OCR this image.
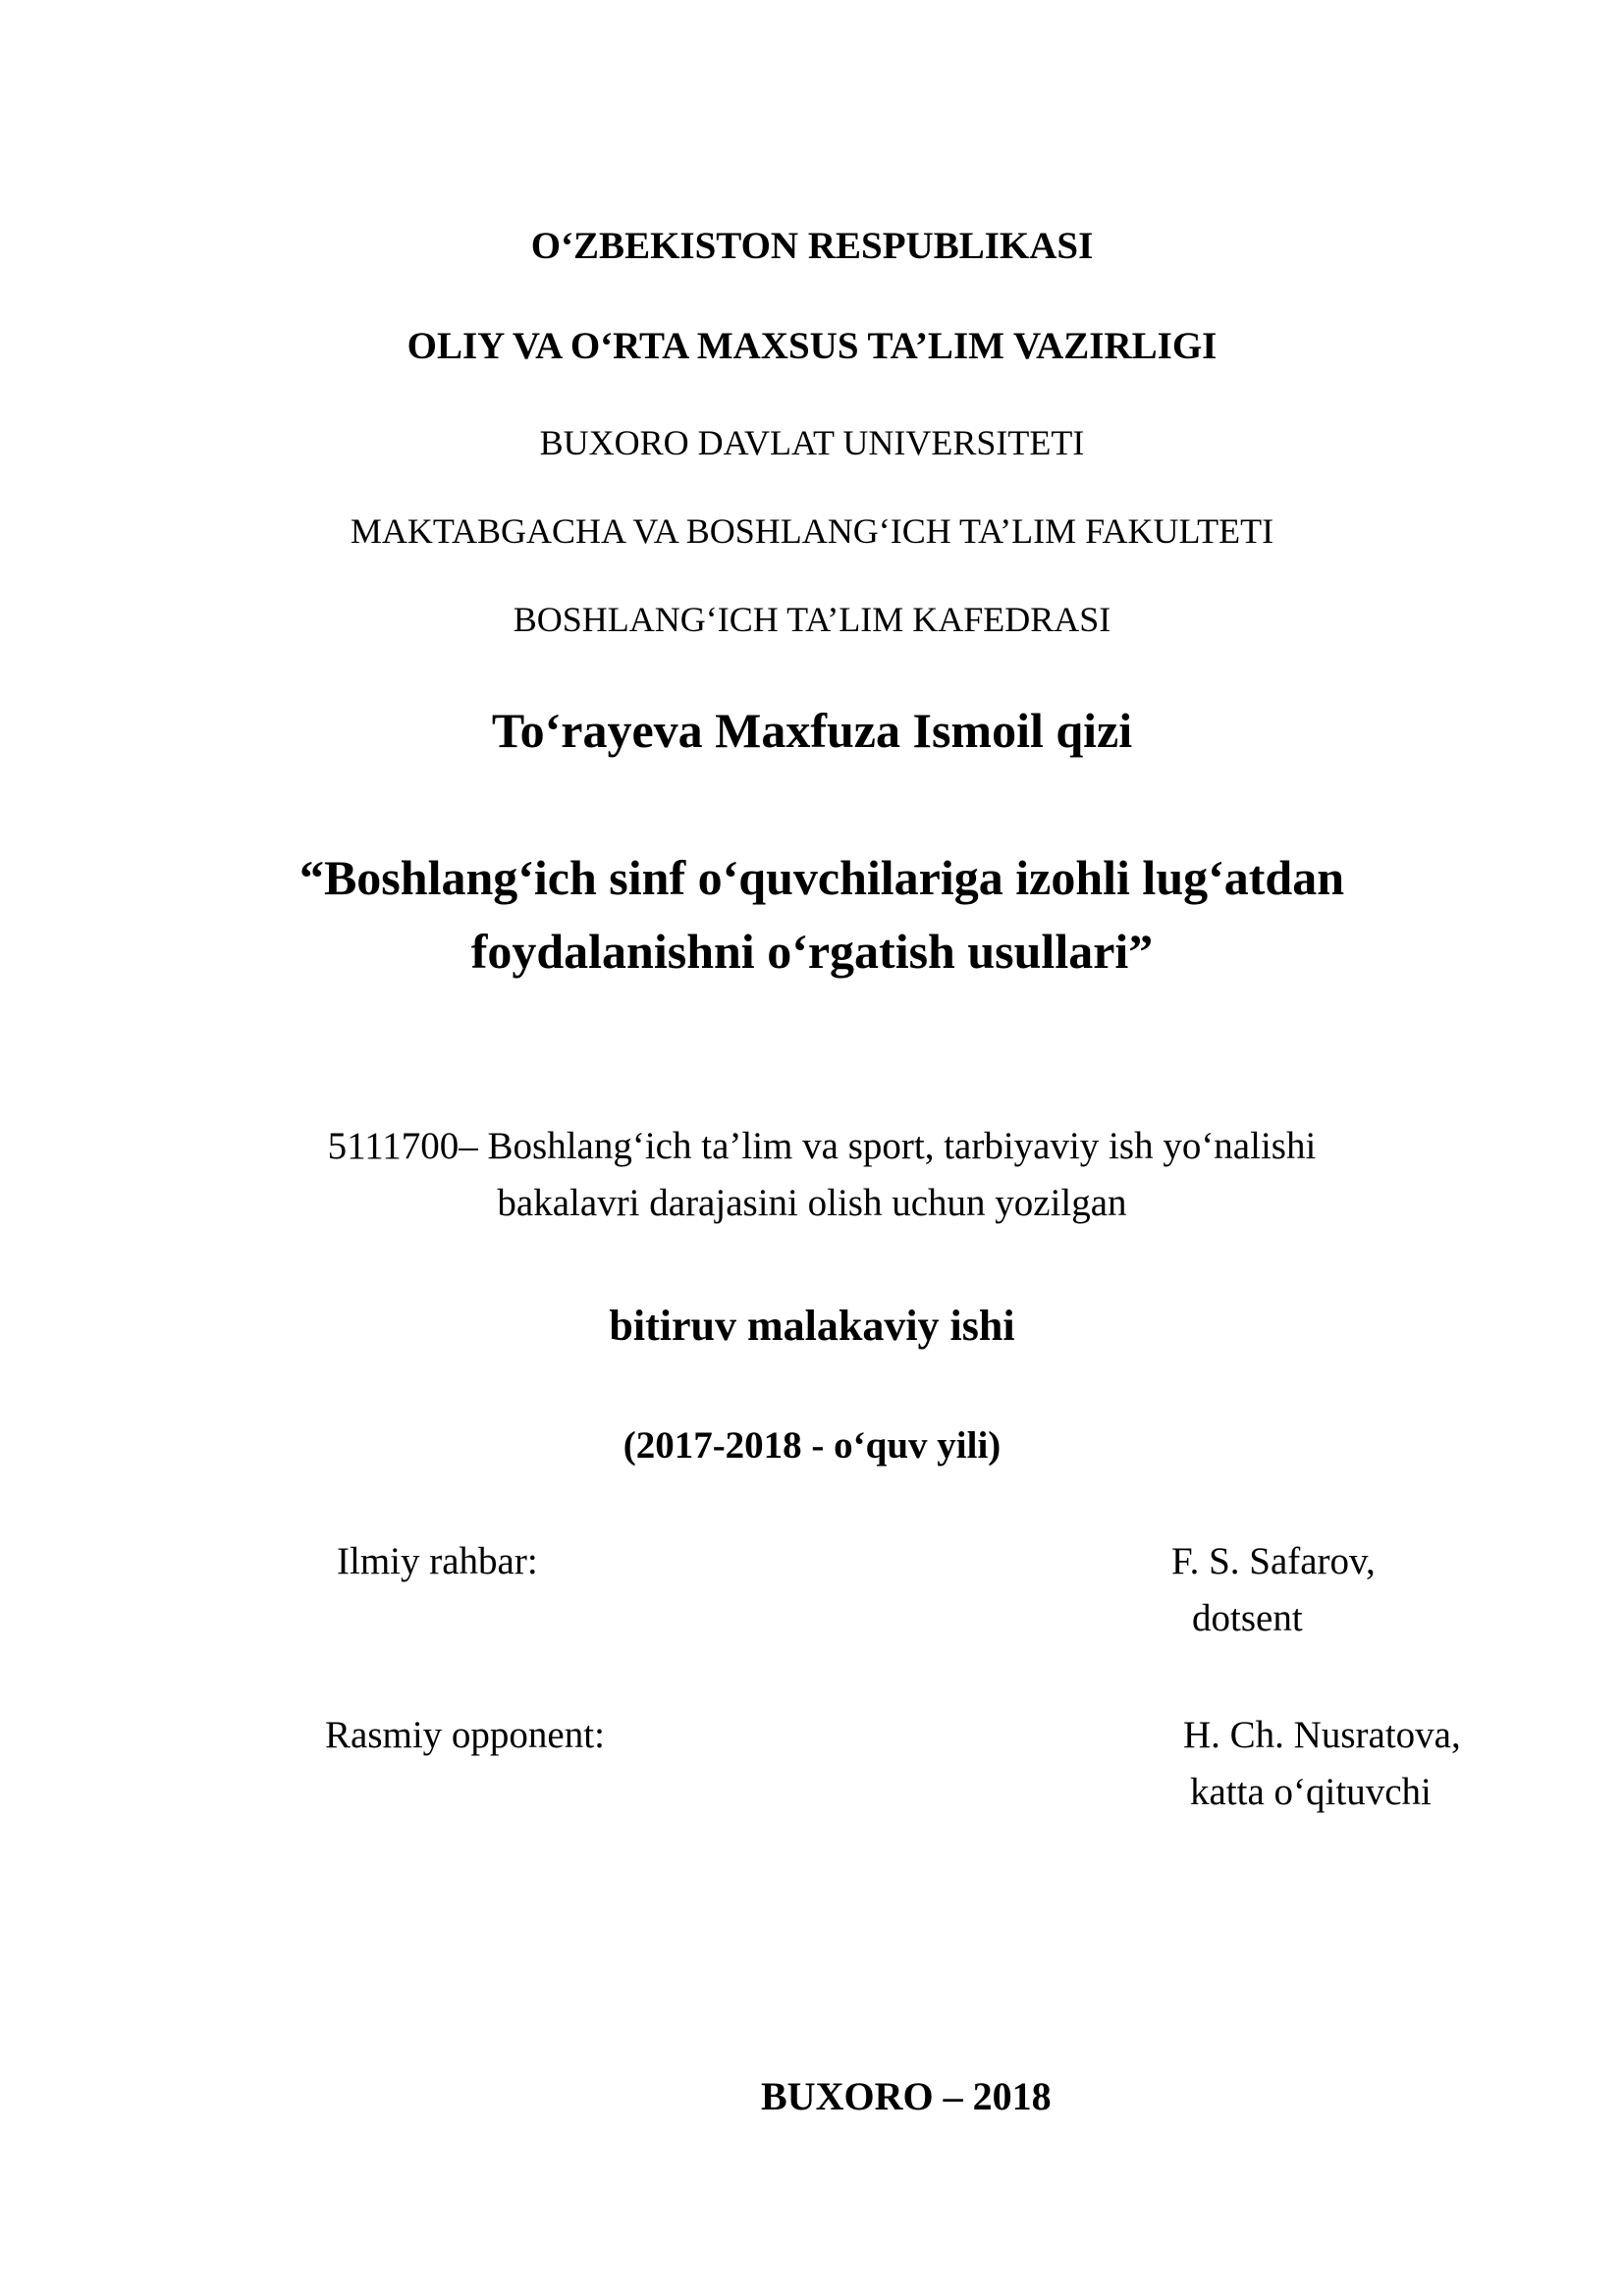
O‘ZBEKISTON RESPUBLIKASI
OLIY VA O‘RTA MAXSUS TA’LIM VAZIRLIGI
BUXORO DAVLAT UNIVERSITETI
MAKTABGACHA VA BOSHLANG‘ICH TA’LIM FAKULTETI
BOSHLANG‘ICH TA’LIM KAFEDRASI
To‘rayeva Maxfuza Ismoil qizi
“Boshlang‘ich sinf o‘quvchilariga izohli lug‘atdan
foydalanishni o‘rgatish usullari”
5111700– Boshlang‘ich ta’lim va sport, tarbiyaviy ish yo‘nalishi
bakalavri darajasini olish uchun yozilgan
bitiruv malakaviy ishi
(2017-2018 - o‘quv yili)
Ilmiy rahbar:	F. S. Safarov,
dotsent
Rasmiy opponent:	H. Ch. Nusratova,
katta o‘qituvchi
BUXORO – 2018
